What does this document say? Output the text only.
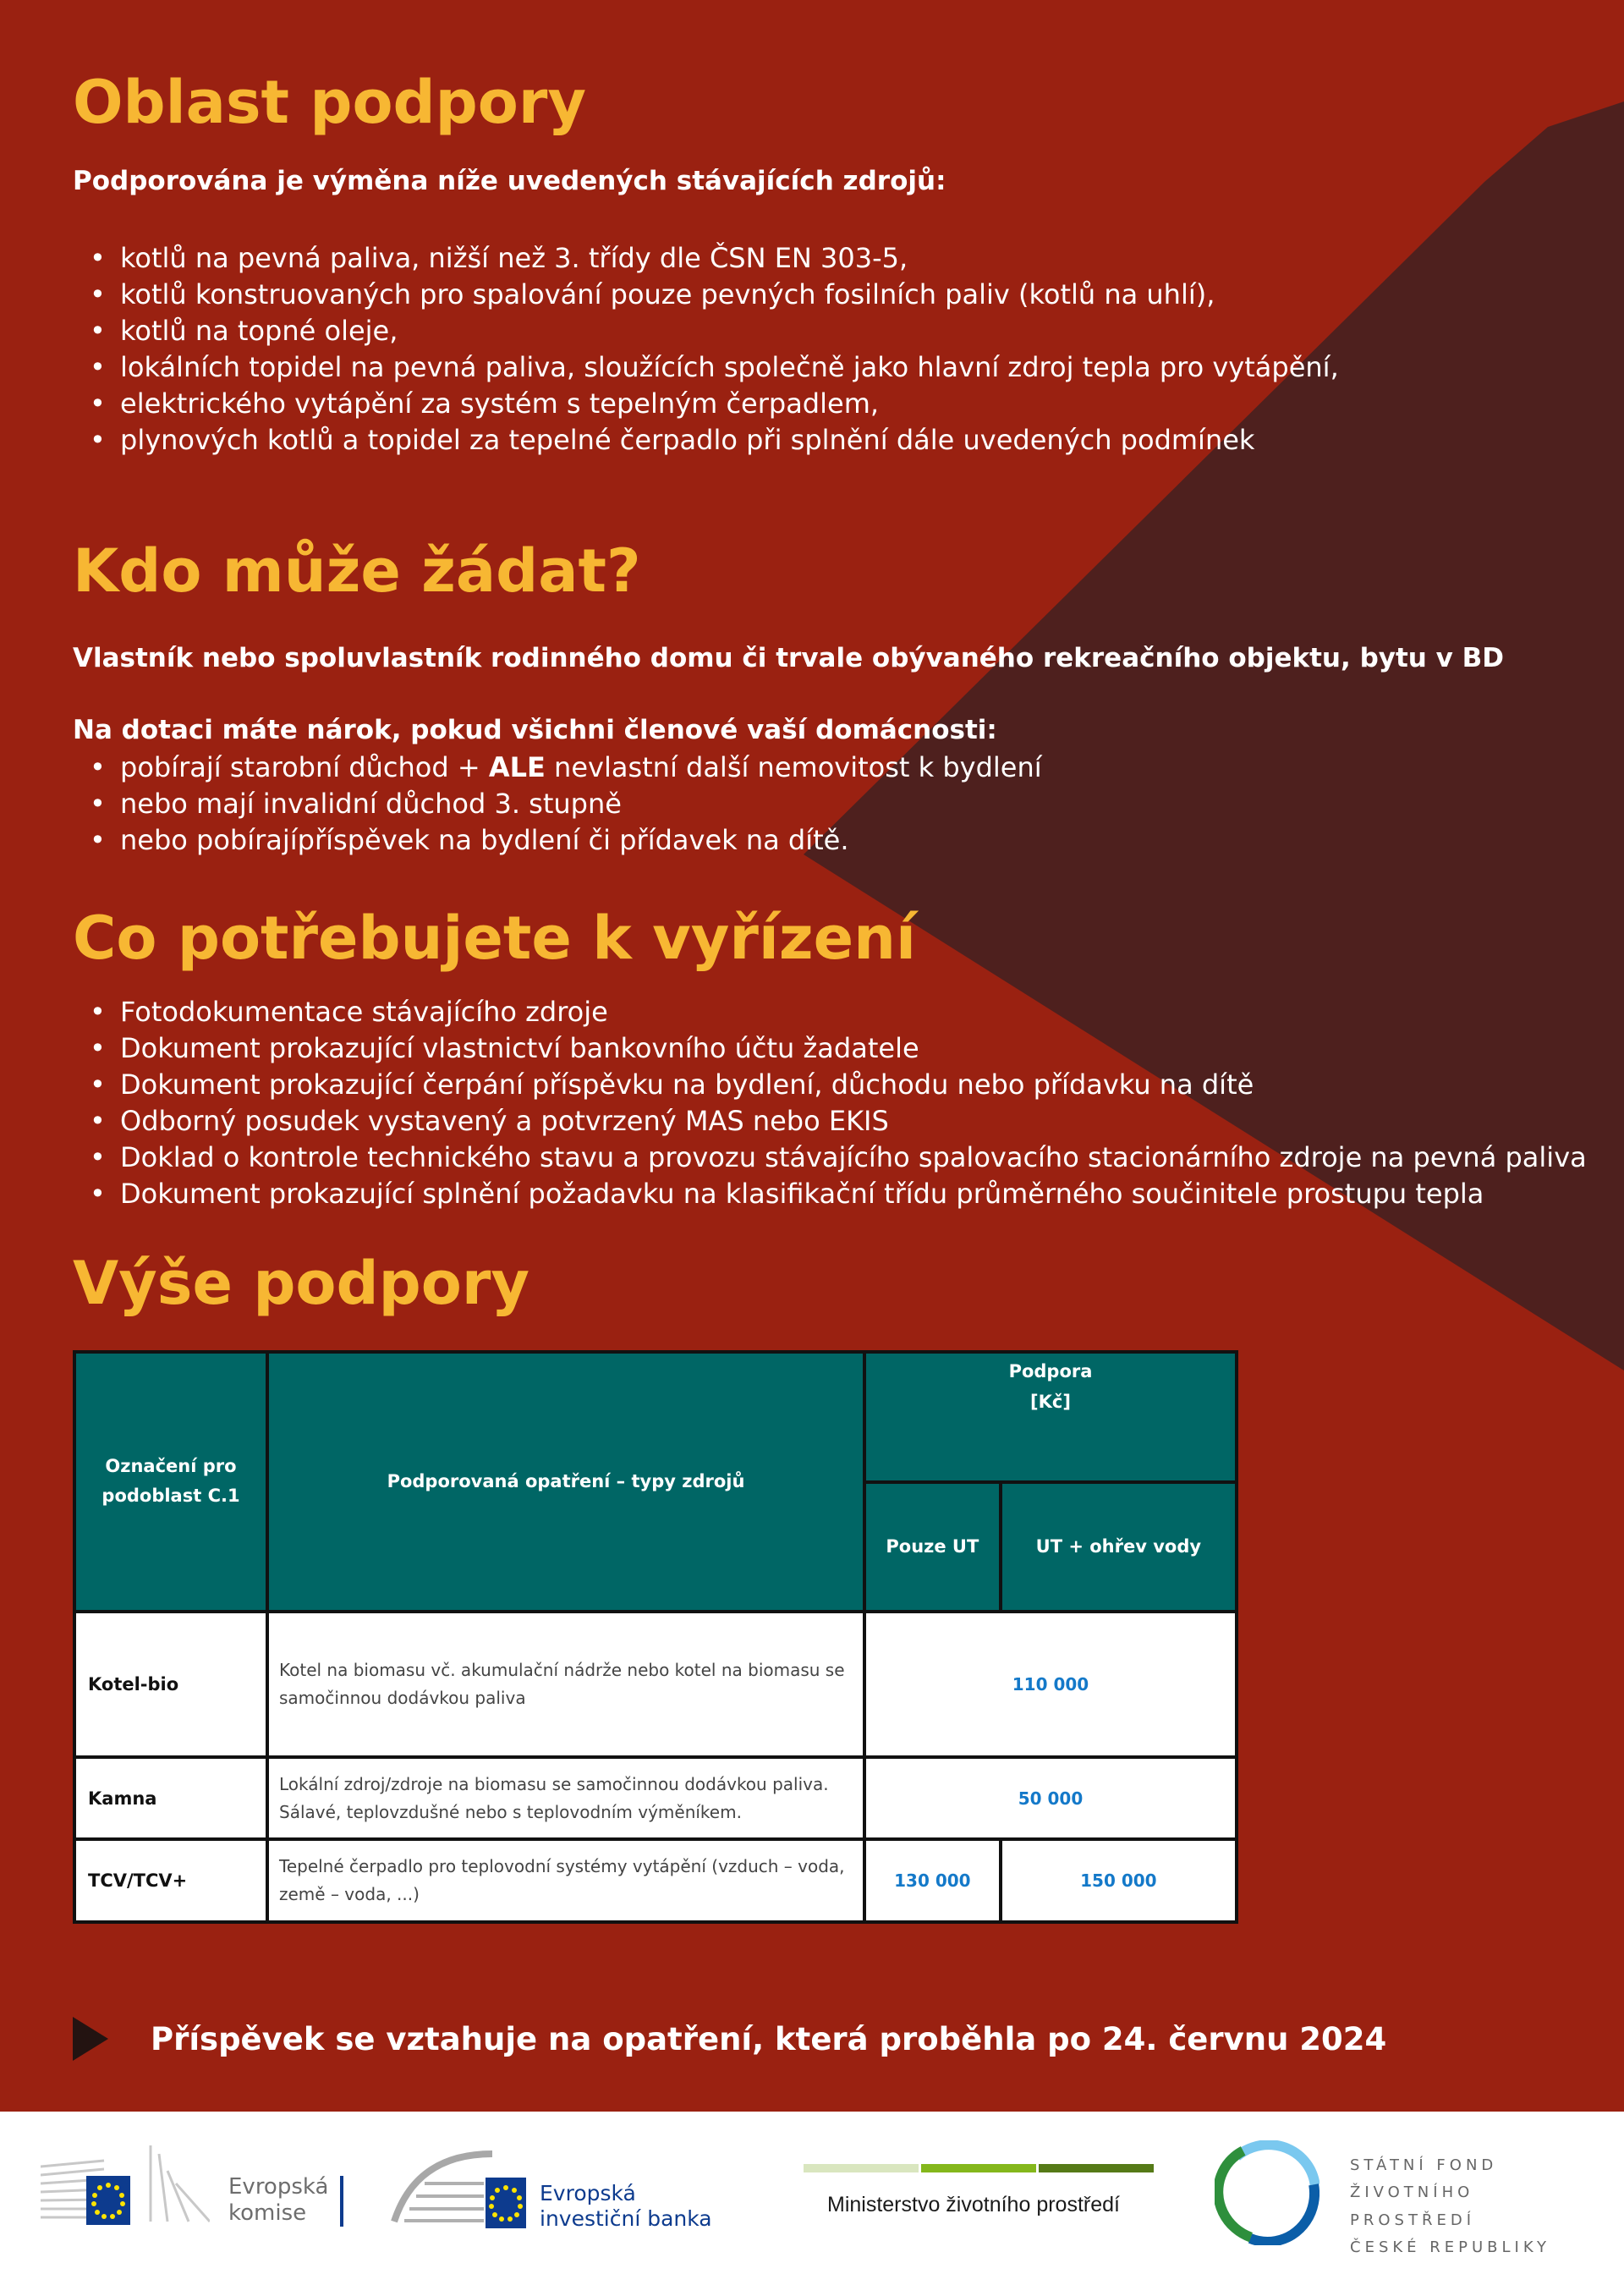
Oblast podpory

Podporována je výměna níže uvedených stávajících zdrojů:

• kotlů na pevná paliva, nižší než 3. třídy dle ČSN EN 303-5,
• kotlů konstruovaných pro spalování pouze pevných fosilních paliv (kotlů na uhlí),
• kotlů na topné oleje,
• lokálních topidel na pevná paliva, sloužících společně jako hlavní zdroj tepla pro vytápění,
• elektrického vytápění za systém s tepelným čerpadlem,
• plynových kotlů a topidel za tepelné čerpadlo při splnění dále uvedených podmínek
Kdo může žádat?

Vlastník nebo spoluvlastník rodinného domu či trvale obývaného rekreačního objektu, bytu v BD

Na dotaci máte nárok, pokud všichni členové vaší domácnosti:

• pobírají starobní důchod + ALE nevlastní další nemovitost k bydlení
• nebo mají invalidní důchod 3. stupně
• nebo pobírajípříspěvek na bydlení či přídavek na dítě.
Co potřebujete k vyřízení
• Fotodokumentace stávajícího zdroje
• Dokument prokazující vlastnictví bankovního účtu žadatele
• Dokument prokazující čerpání příspěvku na bydlení, důchodu nebo přídavku na dítě
• Odborný posudek vystavený a potvrzený MAS nebo EKIS
• Doklad o kontrole technického stavu a provozu stávajícího spalovacího stacionárního zdroje na pevná paliva
• Dokument prokazující splnění požadavku na klasifikační třídu průměrného součinitele prostupu tepla
Výše podpory
Označení pro podoblast C.1	Podporovaná opatření – typy zdrojů	Podpora
[Kč]	

		Pouze UT	UT + ohřev vody
Kotel-bio	Kotel na biomasu vč. akumulační nádrže nebo kotel na biomasu se samočinnou dodávkou paliva	110 000	
Kamna	Lokální zdroj/zdroje na biomasu se samočinnou dodávkou paliva. Sálavé, teplovzdušné nebo s teplovodním výměníkem.	50 000	
TCV/TCV+	Tepelné čerpadlo pro teplovodní systémy vytápění (vzduch – voda, země – voda, ...)	130 000	150 000
Příspěvek se vztahuje na opatření, která proběhla po 24. červnu 2024
Evropská
komise
Evropská
investiční banka
Ministerstvo životního prostředí
STÁTNÍ FOND
ŽIVOTNÍHO PROSTŘEDÍ
ČESKÉ REPUBLIKY
